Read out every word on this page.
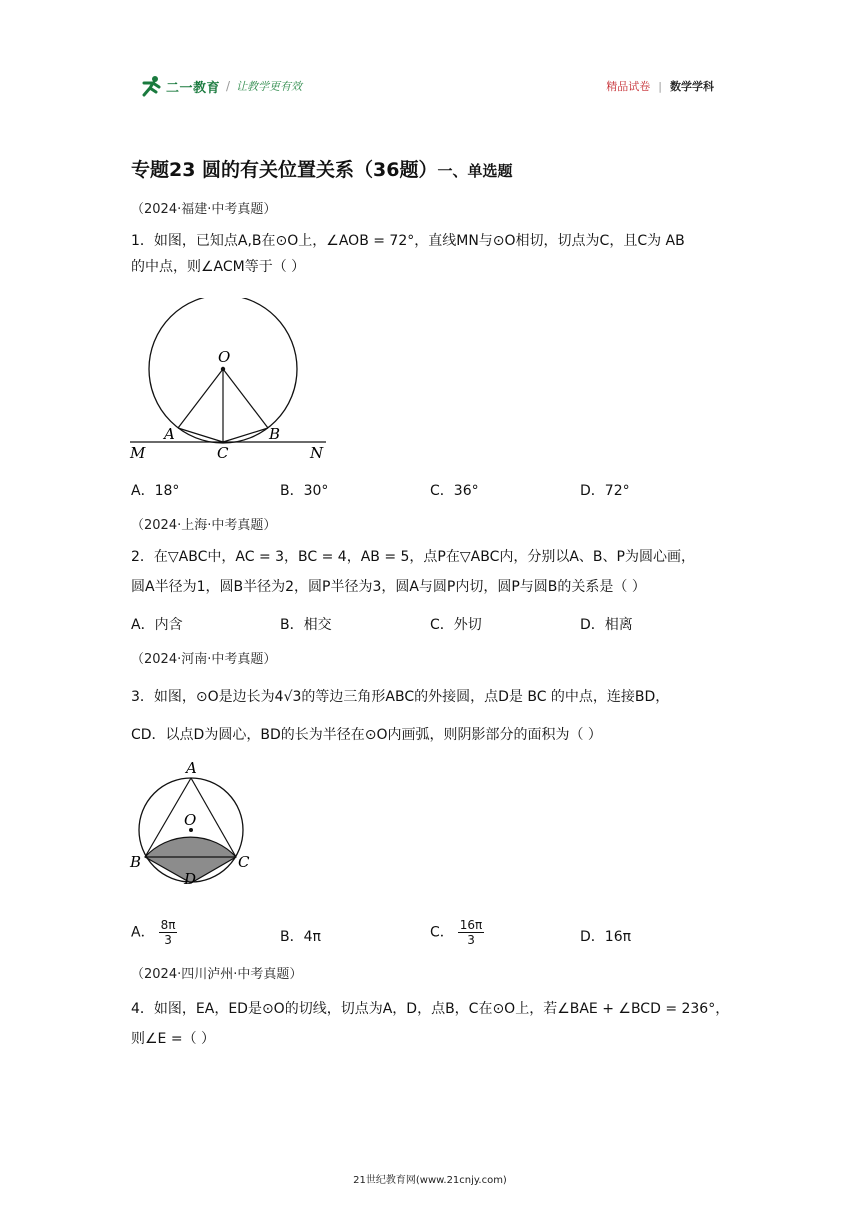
二一教育 / 让教学更有效	精品试卷 | 数学学科
专题23 圆的有关位置关系（36题）一、单选题
（2024·福建·中考真题）
1．如图，已知点A,B在⊙O上，∠AOB = 72°，直线MN与⊙O相切，切点为C，且C为 AB
的中点，则∠ACM等于（ ）
O
A	B
C
M	N
A．18°	B．30°	C．36°	D．72°
（2024·上海·中考真题）
2．在▽ABC中，AC = 3，BC = 4，AB = 5，点P在▽ABC内，分别以A、B、P为圆心画，
圆A半径为1，圆B半径为2，圆P半径为3，圆A与圆P内切，圆P与圆B的关系是（ ）
A．内含	B．相交	C．外切	D．相离
（2024·河南·中考真题）
3．如图，⊙O是边长为4√3的等边三角形ABC的外接圆，点D是 BC 的中点，连接BD，
CD．以点D为圆心，BD的长为半径在⊙O内画弧，则阴影部分的面积为（ ）
A
O
B	C
D
A． $\frac{8\pi}{3}$	B．4π	C． $\frac{16\pi}{3}$	D．16π
（2024·四川泸州·中考真题）
4．如图，EA，ED是⊙O的切线，切点为A，D，点B，C在⊙O上，若∠BAE + ∠BCD = 236°，
则∠E =（ ）
21世纪教育网(www.21cnjy.com)
